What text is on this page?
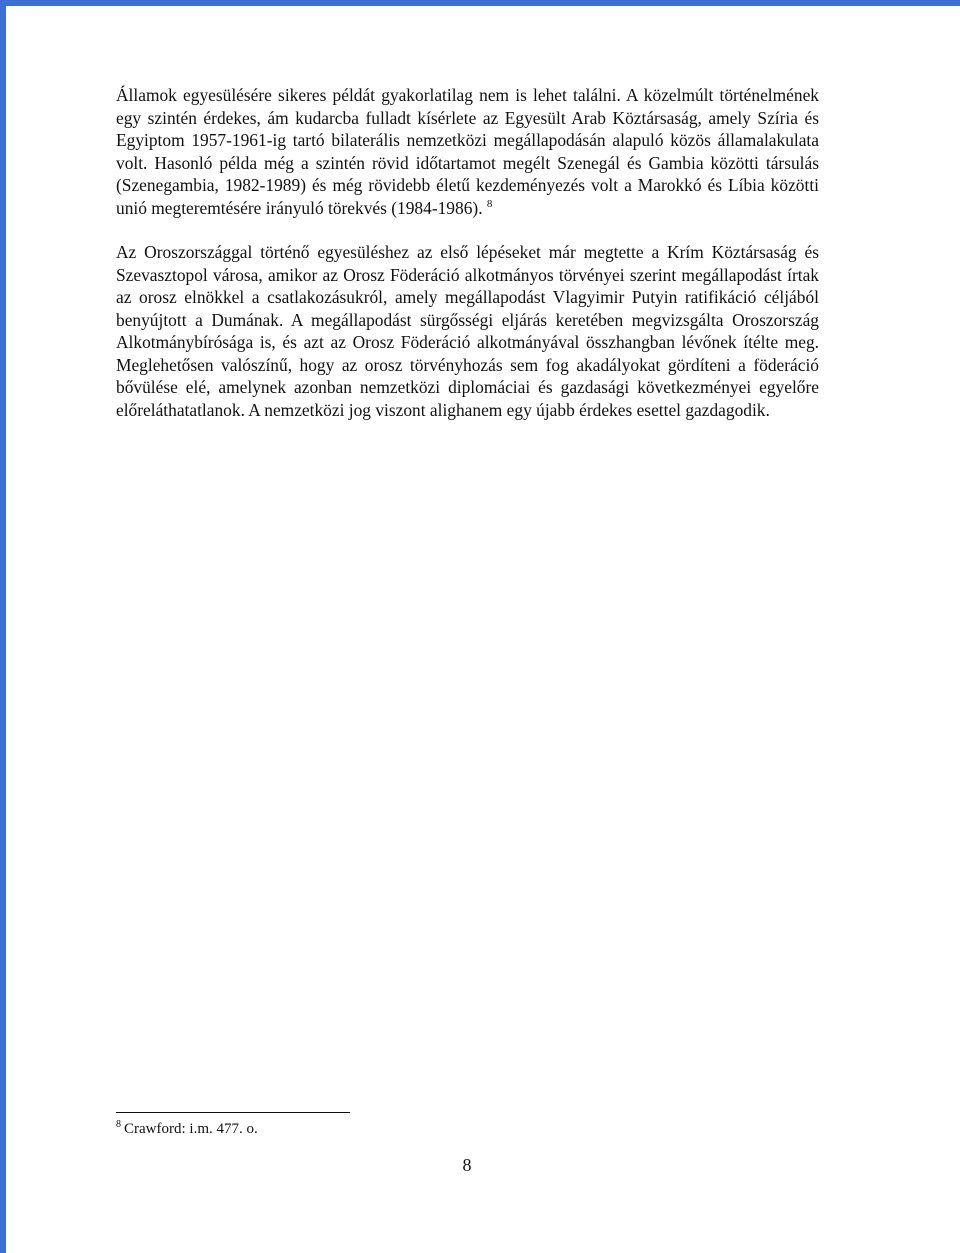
Államok egyesülésére sikeres példát gyakorlatilag nem is lehet találni. A közelmúlt történelmének egy szintén érdekes, ám kudarcba fulladt kísérlete az Egyesült Arab Köztársaság, amely Szíria és Egyiptom 1957-1961-ig tartó bilaterális nemzetközi megállapodásán alapuló közös államalakulata volt. Hasonló példa még a szintén rövid időtartamot megélt Szenegál és Gambia közötti társulás (Szenegambia, 1982-1989) és még rövidebb életű kezdeményezés volt a Marokkó és Líbia közötti unió megteremtésére irányuló törekvés (1984-1986). $^8$

Az Oroszországgal történő egyesüléshez az első lépéseket már megtette a Krím Köztársaság és Szevasztopol városa, amikor az Orosz Föderáció alkotmányos törvényei szerint megállapodást írtak az orosz elnökkel a csatlakozásukról, amely megállapodást Vlagyimir Putyin ratifikáció céljából benyújtott a Dumának. A megállapodást sürgősségi eljárás keretében megvizsgálta Oroszország Alkotmánybírósága is, és azt az Orosz Föderáció alkotmányával összhangban lévőnek ítélte meg. Meglehetősen valószínű, hogy az orosz törvényhozás sem fog akadályokat gördíteni a föderáció bővülése elé, amelynek azonban nemzetközi diplomáciai és gazdasági következményei egyelőre előreláthatatlanok. A nemzetközi jog viszont alighanem egy újabb érdekes esettel gazdagodik.

$^8$ Crawford: i.m. 477. o.
8
